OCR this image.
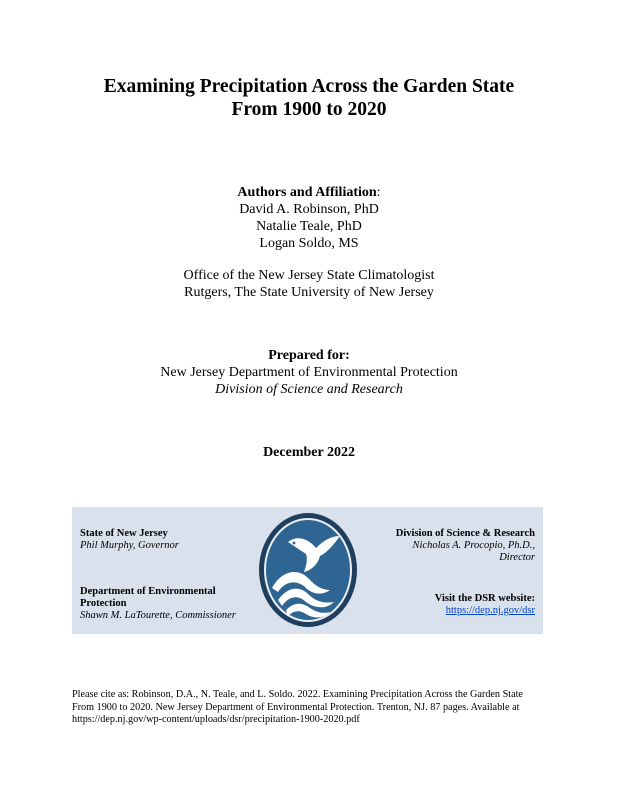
Examining Precipitation Across the Garden State
From 1900 to 2020
Authors and Affiliation:
David A. Robinson, PhD
Natalie Teale, PhD
Logan Soldo, MS
Office of the New Jersey State Climatologist
Rutgers, The State University of New Jersey
Prepared for:
New Jersey Department of Environmental Protection
Division of Science and Research
December 2022
State of New Jersey
Phil Murphy, Governor
Department of Environmental
Protection
Shawn M. LaTourette, Commissioner
Division of Science & Research
Nicholas A. Procopio, Ph.D.,
Director
Visit the DSR website:
https://dep.nj.gov/dsr
Please cite as: Robinson, D.A., N. Teale, and L. Soldo. 2022. Examining Precipitation Across the Garden State From 1900 to 2020. New Jersey Department of Environmental Protection. Trenton, NJ. 87 pages. Available at https://dep.nj.gov/wp-content/uploads/dsr/precipitation-1900-2020.pdf
